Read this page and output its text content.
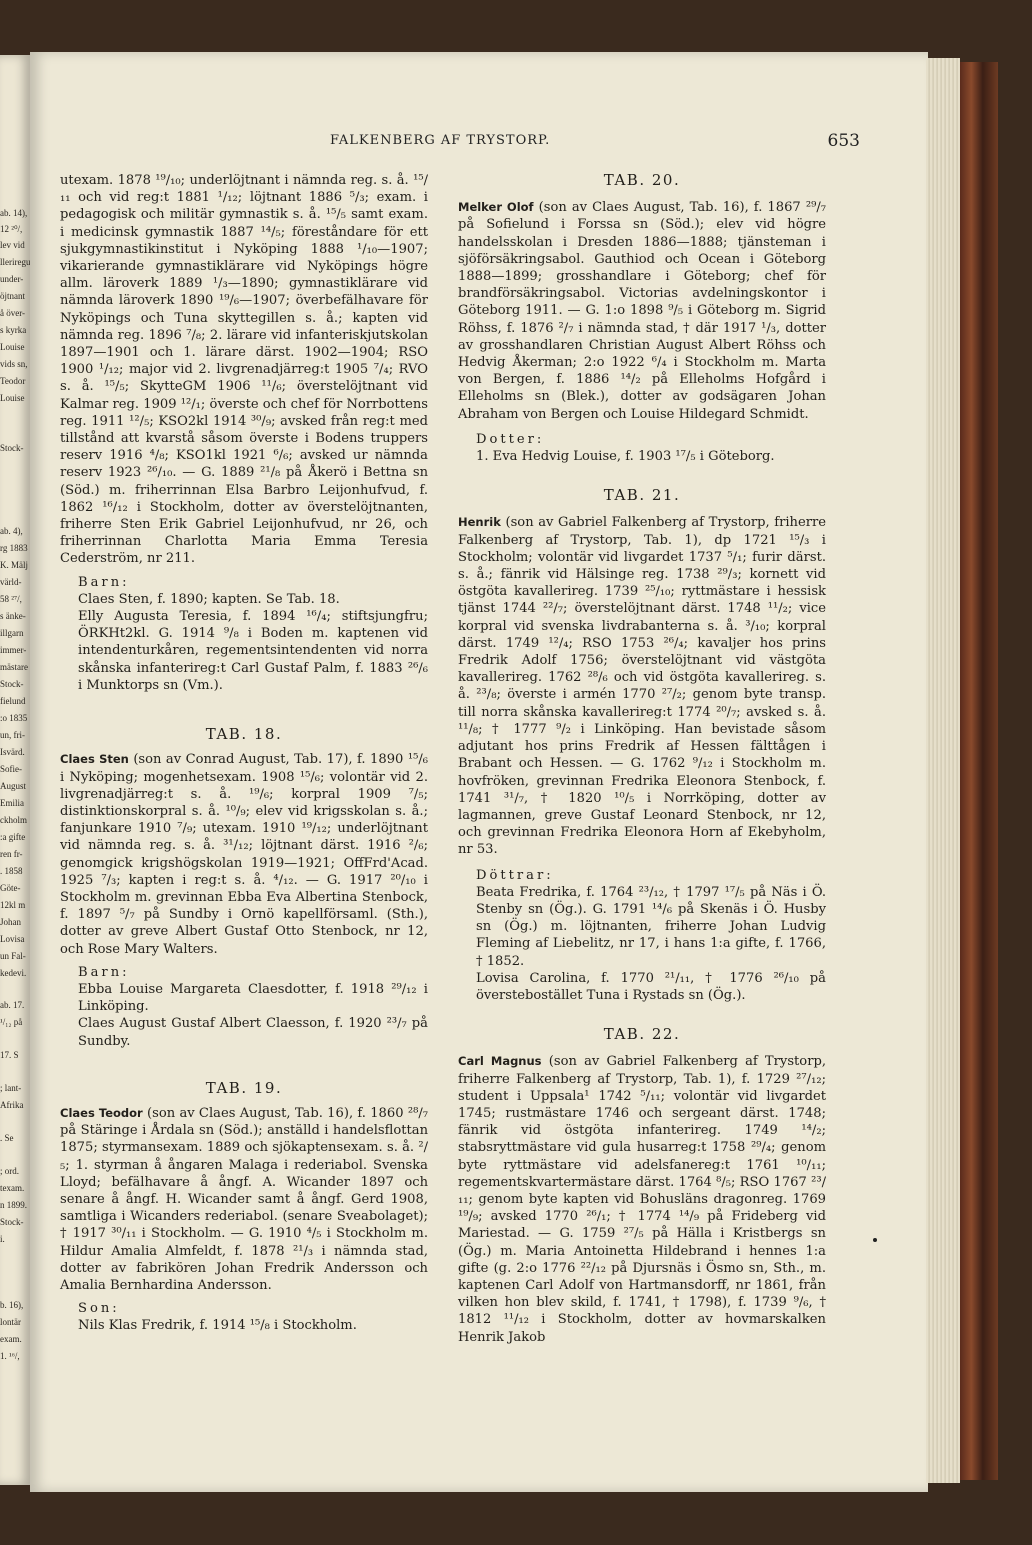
ab. 14),
12 ²⁰/,
lev vid
lleriregu
under-
öjtnant
å över-
s kyrka
Louise
vids sn,
Teodor
Louise
Stock-
ab. 4),
rg 1883
K. Mälj
värld-
58 ²⁷/,
s änke-
illgarn
immer-
mästare
Stock-
fielund
:o 1835
un, fri-
Isvärd.
Sofie-
August
Emilia
ckholm
:a gifte
ren fr-
. 1858
Göte-
12kl m
Johan
Lovisa
un Fal-
kedevi.
ab. 17.
¹/₁₂ på
17. S
; lant-
Afrika
. Se
; ord.
texam.
n 1899.
Stock-
i.
b. 16),
lontär
exam.
1. ¹⁶/,
FALKENBERG AF TRYSTORP.	653

utexam. 1878 ¹⁹/₁₀; underlöjtnant i nämnda reg. s. å. ¹⁵/₁₁ och vid reg:t 1881 ¹/₁₂; löjtnant 1886 ⁵/₃; exam. i pedagogisk och militär gymnastik s. å. ¹⁵/₅ samt exam. i medicinsk gymnastik 1887 ¹⁴/₅; föreståndare för ett sjukgymnastikinstitut i Nyköping 1888 ¹/₁₀—1907; vikarierande gymnastiklärare vid Nyköpings högre allm. läroverk 1889 ¹/₃—1890; gymnastiklärare vid nämnda läroverk 1890 ¹⁹/₆—1907; överbefälhavare för Nyköpings och Tuna skyttegillen s. å.; kapten vid nämnda reg. 1896 ⁷/₈; 2. lärare vid infanteriskjutskolan 1897—1901 och 1. lärare därst. 1902—1904; RSO 1900 ¹/₁₂; major vid 2. livgrenadjärreg:t 1905 ⁷/₄; RVO s. å. ¹⁵/₅; SkytteGM 1906 ¹¹/₆; överstelöjtnant vid Kalmar reg. 1909 ¹²/₁; överste och chef för Norrbottens reg. 1911 ¹²/₅; KSO2kl 1914 ³⁰/₉; avsked från reg:t med tillstånd att kvarstå såsom överste i Bodens truppers reserv 1916 ⁴/₈; KSO1kl 1921 ⁶/₆; avsked ur nämnda reserv 1923 ²⁶/₁₀. — G. 1889 ²¹/₈ på Åkerö i Bettna sn (Söd.) m. friherrinnan Elsa Barbro Leijonhufvud, f. 1862 ¹⁶/₁₂ i Stockholm, dotter av överstelöjtnanten, friherre Sten Erik Gabriel Leijonhufvud, nr 26, och friherrinnan Charlotta Maria Emma Teresia Cederström, nr 211.

Barn:

Claes Sten, f. 1890; kapten. Se Tab. 18.

Elly Augusta Teresia, f. 1894 ¹⁶/₄; stiftsjungfru; ÖRKHt2kl. G. 1914 ⁹/₈ i Boden m. kaptenen vid intendenturkåren, regementsintendenten vid norra skånska infanterireg:t Carl Gustaf Palm, f. 1883 ²⁶/₆ i Munktorps sn (Vm.).

TAB. 18.

Claes Sten (son av Conrad August, Tab. 17), f. 1890 ¹⁵/₆ i Nyköping; mogenhetsexam. 1908 ¹⁵/₆; volontär vid 2. livgrenadjärreg:t s. å. ¹⁹/₆; korpral 1909 ⁷/₅; distinktionskorpral s. å. ¹⁰/₉; elev vid krigsskolan s. å.; fanjunkare 1910 ⁷/₉; utexam. 1910 ¹⁹/₁₂; underlöjtnant vid nämnda reg. s. å. ³¹/₁₂; löjtnant därst. 1916 ²/₆; genomgick krigshögskolan 1919—1921; OffFrd'Acad. 1925 ⁷/₃; kapten i reg:t s. å. ⁴/₁₂. — G. 1917 ²⁰/₁₀ i Stockholm m. grevinnan Ebba Eva Albertina Stenbock, f. 1897 ⁵/₇ på Sundby i Ornö kapellförsaml. (Sth.), dotter av greve Albert Gustaf Otto Stenbock, nr 12, och Rose Mary Walters.

Barn:

Ebba Louise Margareta Claesdotter, f. 1918 ²⁹/₁₂ i Linköping.

Claes August Gustaf Albert Claesson, f. 1920 ²³/₇ på Sundby.

TAB. 19.

Claes Teodor (son av Claes August, Tab. 16), f. 1860 ²⁸/₇ på Stäringe i Årdala sn (Söd.); anställd i handelsflottan 1875; styrmansexam. 1889 och sjökaptensexam. s. å. ²/₅; 1. styrman å ångaren Malaga i rederiabol. Svenska Lloyd; befälhavare å ångf. A. Wicander 1897 och senare å ångf. H. Wicander samt å ångf. Gerd 1908, samtliga i Wicanders rederiabol. (senare Sveabolaget); † 1917 ³⁰/₁₁ i Stockholm. — G. 1910 ⁴/₅ i Stockholm m. Hildur Amalia Almfeldt, f. 1878 ²¹/₃ i nämnda stad, dotter av fabrikören Johan Fredrik Andersson och Amalia Bernhardina Andersson.

Son:

Nils Klas Fredrik, f. 1914 ¹⁵/₈ i Stockholm.

TAB. 20.

Melker Olof (son av Claes August, Tab. 16), f. 1867 ²⁹/₇ på Sofielund i Forssa sn (Söd.); elev vid högre handelsskolan i Dresden 1886—1888; tjänsteman i sjöförsäkringsabol. Gauthiod och Ocean i Göteborg 1888—1899; grosshandlare i Göteborg; chef för brandförsäkringsabol. Victorias avdelningskontor i Göteborg 1911. — G. 1:o 1898 ⁹/₅ i Göteborg m. Sigrid Röhss, f. 1876 ²/₇ i nämnda stad, † där 1917 ¹/₃, dotter av grosshandlaren Christian August Albert Röhss och Hedvig Åkerman; 2:o 1922 ⁶/₄ i Stockholm m. Marta von Bergen, f. 1886 ¹⁴/₂ på Elleholms Hofgård i Elleholms sn (Blek.), dotter av godsägaren Johan Abraham von Bergen och Louise Hildegard Schmidt.

Dotter:

1. Eva Hedvig Louise, f. 1903 ¹⁷/₅ i Göteborg.

TAB. 21.

Henrik (son av Gabriel Falkenberg af Trystorp, friherre Falkenberg af Trystorp, Tab. 1), dp 1721 ¹⁵/₃ i Stockholm; volontär vid livgardet 1737 ⁵/₁; furir därst. s. å.; fänrik vid Hälsinge reg. 1738 ²⁹/₃; kornett vid östgöta kavallerireg. 1739 ²⁵/₁₀; ryttmästare i hessisk tjänst 1744 ²²/₇; överstelöjtnant därst. 1748 ¹¹/₂; vice korpral vid svenska livdrabanterna s. å. ³/₁₀; korpral därst. 1749 ¹²/₄; RSO 1753 ²⁶/₄; kavaljer hos prins Fredrik Adolf 1756; överstelöjtnant vid västgöta kavallerireg. 1762 ²⁸/₆ och vid östgöta kavallerireg. s. å. ²³/₈; överste i armén 1770 ²⁷/₂; genom byte transp. till norra skånska kavallerireg:t 1774 ²⁰/₇; avsked s. å. ¹¹/₈; † 1777 ⁹/₂ i Linköping. Han bevistade såsom adjutant hos prins Fredrik af Hessen fälttågen i Brabant och Hessen. — G. 1762 ⁹/₁₂ i Stockholm m. hovfröken, grevinnan Fredrika Eleonora Stenbock, f. 1741 ³¹/₇, † 1820 ¹⁰/₅ i Norrköping, dotter av lagmannen, greve Gustaf Leonard Stenbock, nr 12, och grevinnan Fredrika Eleonora Horn af Ekebyholm, nr 53.

Döttrar:

Beata Fredrika, f. 1764 ²³/₁₂, † 1797 ¹⁷/₅ på Näs i Ö. Stenby sn (Ög.). G. 1791 ¹⁴/₆ på Skenäs i Ö. Husby sn (Ög.) m. löjtnanten, friherre Johan Ludvig Fleming af Liebelitz, nr 17, i hans 1:a gifte, f. 1766, † 1852.

Lovisa Carolina, f. 1770 ²¹/₁₁, † 1776 ²⁶/₁₀ på överstebostället Tuna i Rystads sn (Ög.).

TAB. 22.

Carl Magnus (son av Gabriel Falkenberg af Trystorp, friherre Falkenberg af Trystorp, Tab. 1), f. 1729 ²⁷/₁₂; student i Uppsala¹ 1742 ⁵/₁₁; volontär vid livgardet 1745; rustmästare 1746 och sergeant därst. 1748; fänrik vid östgöta infanterireg. 1749 ¹⁴/₂; stabsryttmästare vid gula husarreg:t 1758 ²⁹/₄; genom byte ryttmästare vid adelsfanereg:t 1761 ¹⁰/₁₁; regementskvartermästare därst. 1764 ⁸/₅; RSO 1767 ²³/₁₁; genom byte kapten vid Bohusläns dragonreg. 1769 ¹⁹/₉; avsked 1770 ²⁶/₁; † 1774 ¹⁴/₉ på Frideberg vid Mariestad. — G. 1759 ²⁷/₅ på Hälla i Kristbergs sn (Ög.) m. Maria Antoinetta Hildebrand i hennes 1:a gifte (g. 2:o 1776 ²²/₁₂ på Djursnäs i Ösmo sn, Sth., m. kaptenen Carl Adolf von Hartmansdorff, nr 1861, från vilken hon blev skild, f. 1741, † 1798), f. 1739 ⁹/₆, † 1812 ¹¹/₁₂ i Stockholm, dotter av hovmarskalken Henrik Jakob
